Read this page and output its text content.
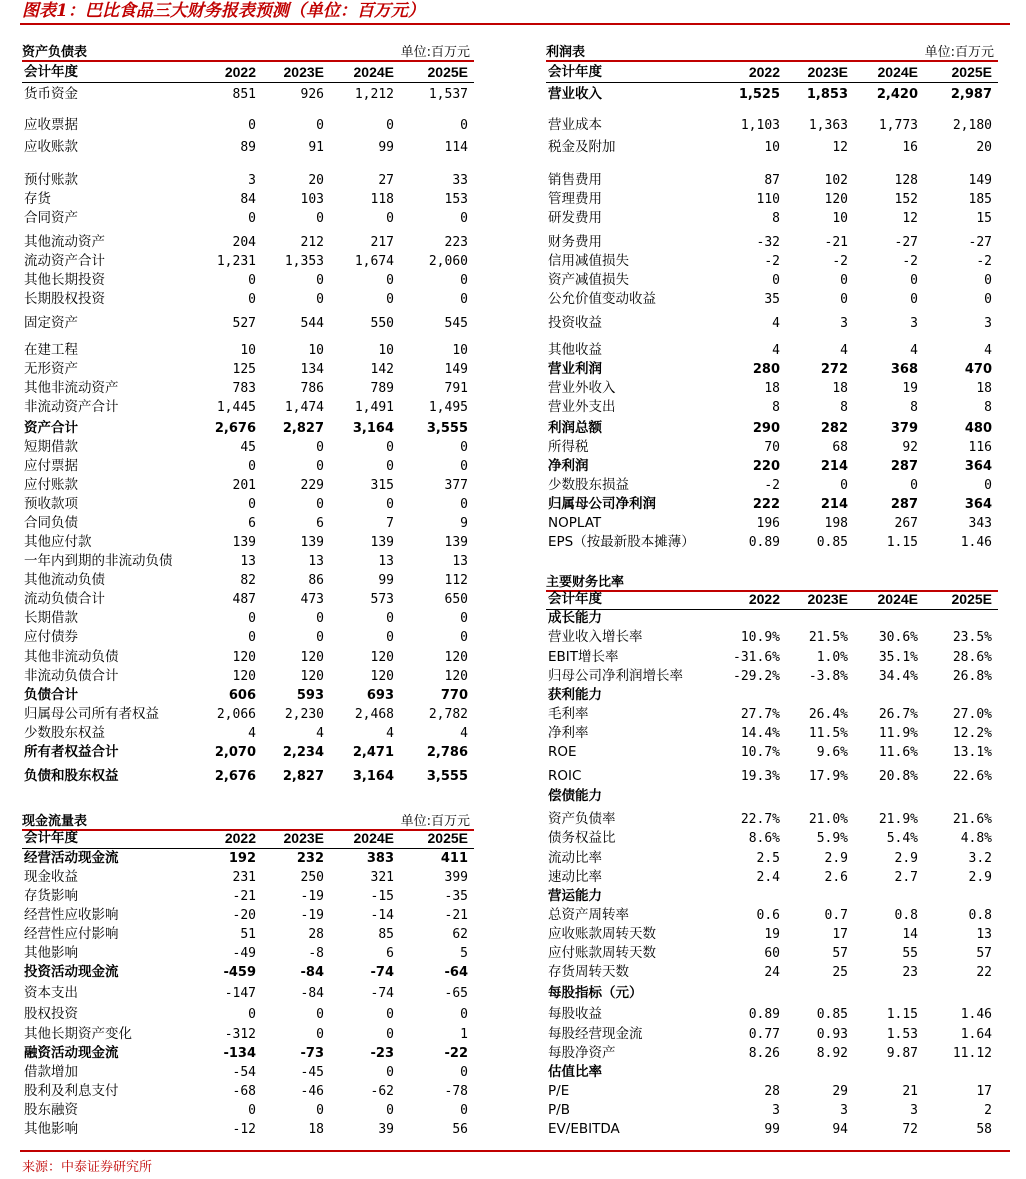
图表1：巴比食品三大财务报表预测（单位：百万元）
资产负债表	单位:百万元
会计年度	2022	2023E	2024E	2025E
货币资金	851	926	1,212	1,537
应收票据	0	0	0	0
应收账款	89	91	99	114
预付账款	3	20	27	33
存货	84	103	118	153
合同资产	0	0	0	0
其他流动资产	204	212	217	223
流动资产合计	1,231	1,353	1,674	2,060
其他长期投资	0	0	0	0
长期股权投资	0	0	0	0
固定资产	527	544	550	545
在建工程	10	10	10	10
无形资产	125	134	142	149
其他非流动资产	783	786	789	791
非流动资产合计	1,445	1,474	1,491	1,495
资产合计	2,676	2,827	3,164	3,555
短期借款	45	0	0	0
应付票据	0	0	0	0
应付账款	201	229	315	377
预收款项	0	0	0	0
合同负债	6	6	7	9
其他应付款	139	139	139	139
一年内到期的非流动负债	13	13	13	13
其他流动负债	82	86	99	112
流动负债合计	487	473	573	650
长期借款	0	0	0	0
应付债券	0	0	0	0
其他非流动负债	120	120	120	120
非流动负债合计	120	120	120	120
负债合计	606	593	693	770
归属母公司所有者权益	2,066	2,230	2,468	2,782
少数股东权益	4	4	4	4
所有者权益合计	2,070	2,234	2,471	2,786
负债和股东权益	2,676	2,827	3,164	3,555
现金流量表	单位:百万元
会计年度	2022	2023E	2024E	2025E
经营活动现金流	192	232	383	411
现金收益	231	250	321	399
存货影响	-21	-19	-15	-35
经营性应收影响	-20	-19	-14	-21
经营性应付影响	51	28	85	62
其他影响	-49	-8	6	5
投资活动现金流	-459	-84	-74	-64
资本支出	-147	-84	-74	-65
股权投资	0	0	0	0
其他长期资产变化	-312	0	0	1
融资活动现金流	-134	-73	-23	-22
借款增加	-54	-45	0	0
股利及利息支付	-68	-46	-62	-78
股东融资	0	0	0	0
其他影响	-12	18	39	56
利润表	单位:百万元
会计年度	2022	2023E	2024E	2025E
营业收入	1,525	1,853	2,420	2,987
营业成本	1,103	1,363	1,773	2,180
税金及附加	10	12	16	20
销售费用	87	102	128	149
管理费用	110	120	152	185
研发费用	8	10	12	15
财务费用	-32	-21	-27	-27
信用减值损失	-2	-2	-2	-2
资产减值损失	0	0	0	0
公允价值变动收益	35	0	0	0
投资收益	4	3	3	3
其他收益	4	4	4	4
营业利润	280	272	368	470
营业外收入	18	18	19	18
营业外支出	8	8	8	8
利润总额	290	282	379	480
所得税	70	68	92	116
净利润	220	214	287	364
少数股东损益	-2	0	0	0
归属母公司净利润	222	214	287	364
NOPLAT	196	198	267	343
EPS（按最新股本摊薄）	0.89	0.85	1.15	1.46
主要财务比率
会计年度	2022	2023E	2024E	2025E
成长能力
营业收入增长率	10.9%	21.5%	30.6%	23.5%
EBIT增长率	-31.6%	1.0%	35.1%	28.6%
归母公司净利润增长率	-29.2%	-3.8%	34.4%	26.8%
获利能力
毛利率	27.7%	26.4%	26.7%	27.0%
净利率	14.4%	11.5%	11.9%	12.2%
ROE	10.7%	9.6%	11.6%	13.1%
ROIC	19.3%	17.9%	20.8%	22.6%
偿债能力
资产负债率	22.7%	21.0%	21.9%	21.6%
债务权益比	8.6%	5.9%	5.4%	4.8%
流动比率	2.5	2.9	2.9	3.2
速动比率	2.4	2.6	2.7	2.9
营运能力
总资产周转率	0.6	0.7	0.8	0.8
应收账款周转天数	19	17	14	13
应付账款周转天数	60	57	55	57
存货周转天数	24	25	23	22
每股指标（元）
每股收益	0.89	0.85	1.15	1.46
每股经营现金流	0.77	0.93	1.53	1.64
每股净资产	8.26	8.92	9.87	11.12
估值比率
P/E	28	29	21	17
P/B	3	3	3	2
EV/EBITDA	99	94	72	58
来源：中泰证券研究所
